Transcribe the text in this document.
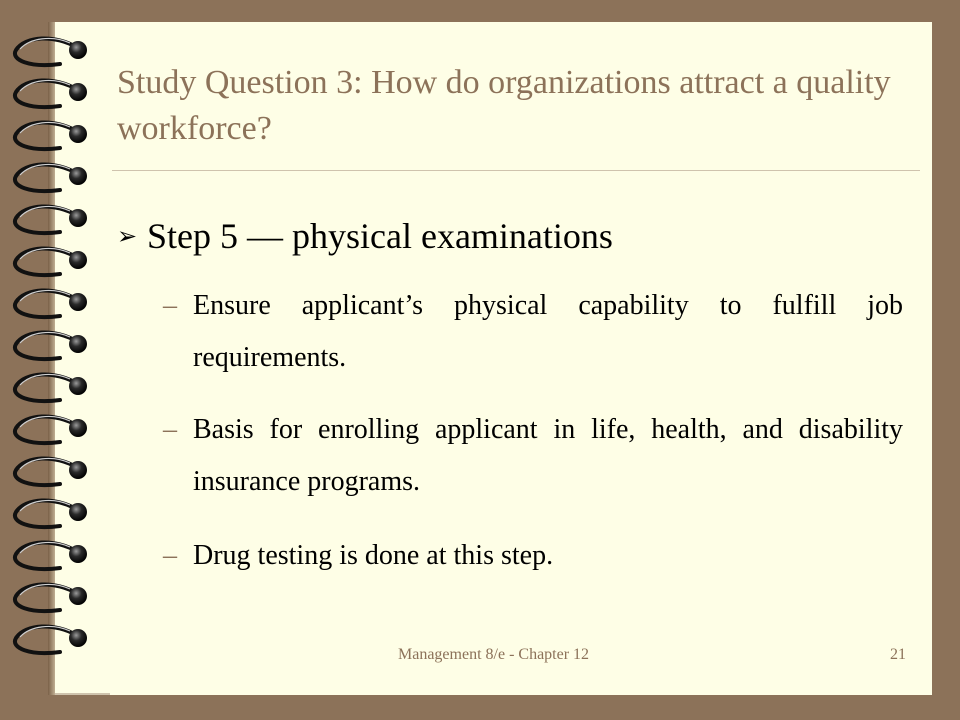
Study Question 3: How do organizations attract a quality workforce?
➢ Step 5 — physical examinations
– Ensure applicant’s physical capability to fulfill job requirements.
– Basis for enrolling applicant in life, health, and disability insurance programs.
– Drug testing is done at this step.
Management 8/e - Chapter 12	21
